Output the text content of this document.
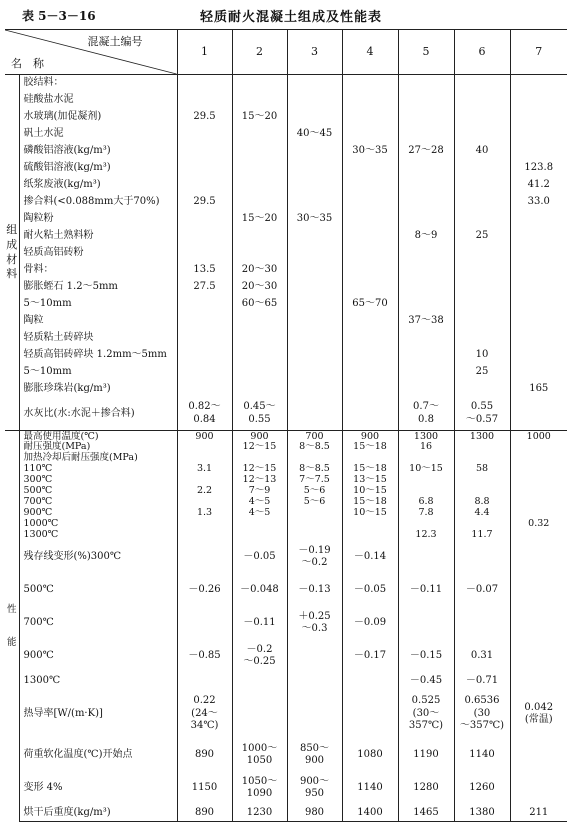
表 5－3－16	轻质耐火混凝土组成及性能表
混凝土编号
名　称		1	2	3	4	5	6	7
组成材料	胶结料：							
	硅酸盐水泥							
	水玻璃(加促凝剂)	29.5	15～20					
	矾土水泥			40～45				
	磷酸铝溶液(kg/m³)				30～35	27～28	40	
	硫酸铝溶液(kg/m³)							123.8
	纸浆废液(kg/m³)							41.2
	掺合料(<0.088mm大于70%)	29.5						33.0
	陶粒粉		15～20	30～35				
	耐火粘土熟料粉					8～9	25	
	轻质高铝砖粉							
	骨料：	13.5	20～30					
	膨胀蛭石 1.2～5mm	27.5	20～30					
	5～10mm		60～65		65～70			
	陶粒					37～38		
	轻质粘土砖碎块							
	轻质高铝砖碎块 1.2mm～5mm						10	
	5～10mm						25	
	膨胀珍珠岩(kg/m³)							165
	水灰比(水:水泥＋掺合料)	0.82～
0.84	0.45～
0.55			0.7～
0.8	0.55
～0.57	

性
能	最高使用温度(℃)	900	900	700	900	1300	1300	1000
	耐压强度(MPa)		12～15	8～8.5	15～18	16		
	加热冷却后耐压强度(MPa)							
	110℃	3.1	12～15	8～8.5	15～18	10～15	58	
	300℃		12～13	7～7.5	13～15			
	500℃	2.2	7～9	5～6	10～15			
	700℃		4～5	5～6	15～18	6.8	8.8	
	900℃	1.3	4～5		10～15	7.8	4.4	
	1000℃							0.32
	1300℃					12.3	11.7	
	残存线变形(%)300℃		－0.05	－0.19
～0.2	－0.14			
	500℃	－0.26	－0.048	－0.13	－0.05	－0.11	－0.07	
	700℃		－0.11	＋0.25
～0.3	－0.09			
	900℃	－0.85	－0.2
～0.25		－0.17	－0.15	0.31	
	1300℃					－0.45	－0.71	
	热导率[W/(m·K)]	0.22
(24～
34℃)				0.525
(30～
357℃)	0.6536
(30
～357℃)	0.042
(常温)
	荷重软化温度(℃)开始点	890	1000～
1050	850～
900	1080	1190	1140	
	变形 4%	1150	1050～
1090	900～
950	1140	1280	1260	
	烘干后重度(kg/m³)	890	1230	980	1400	1465	1380	211
